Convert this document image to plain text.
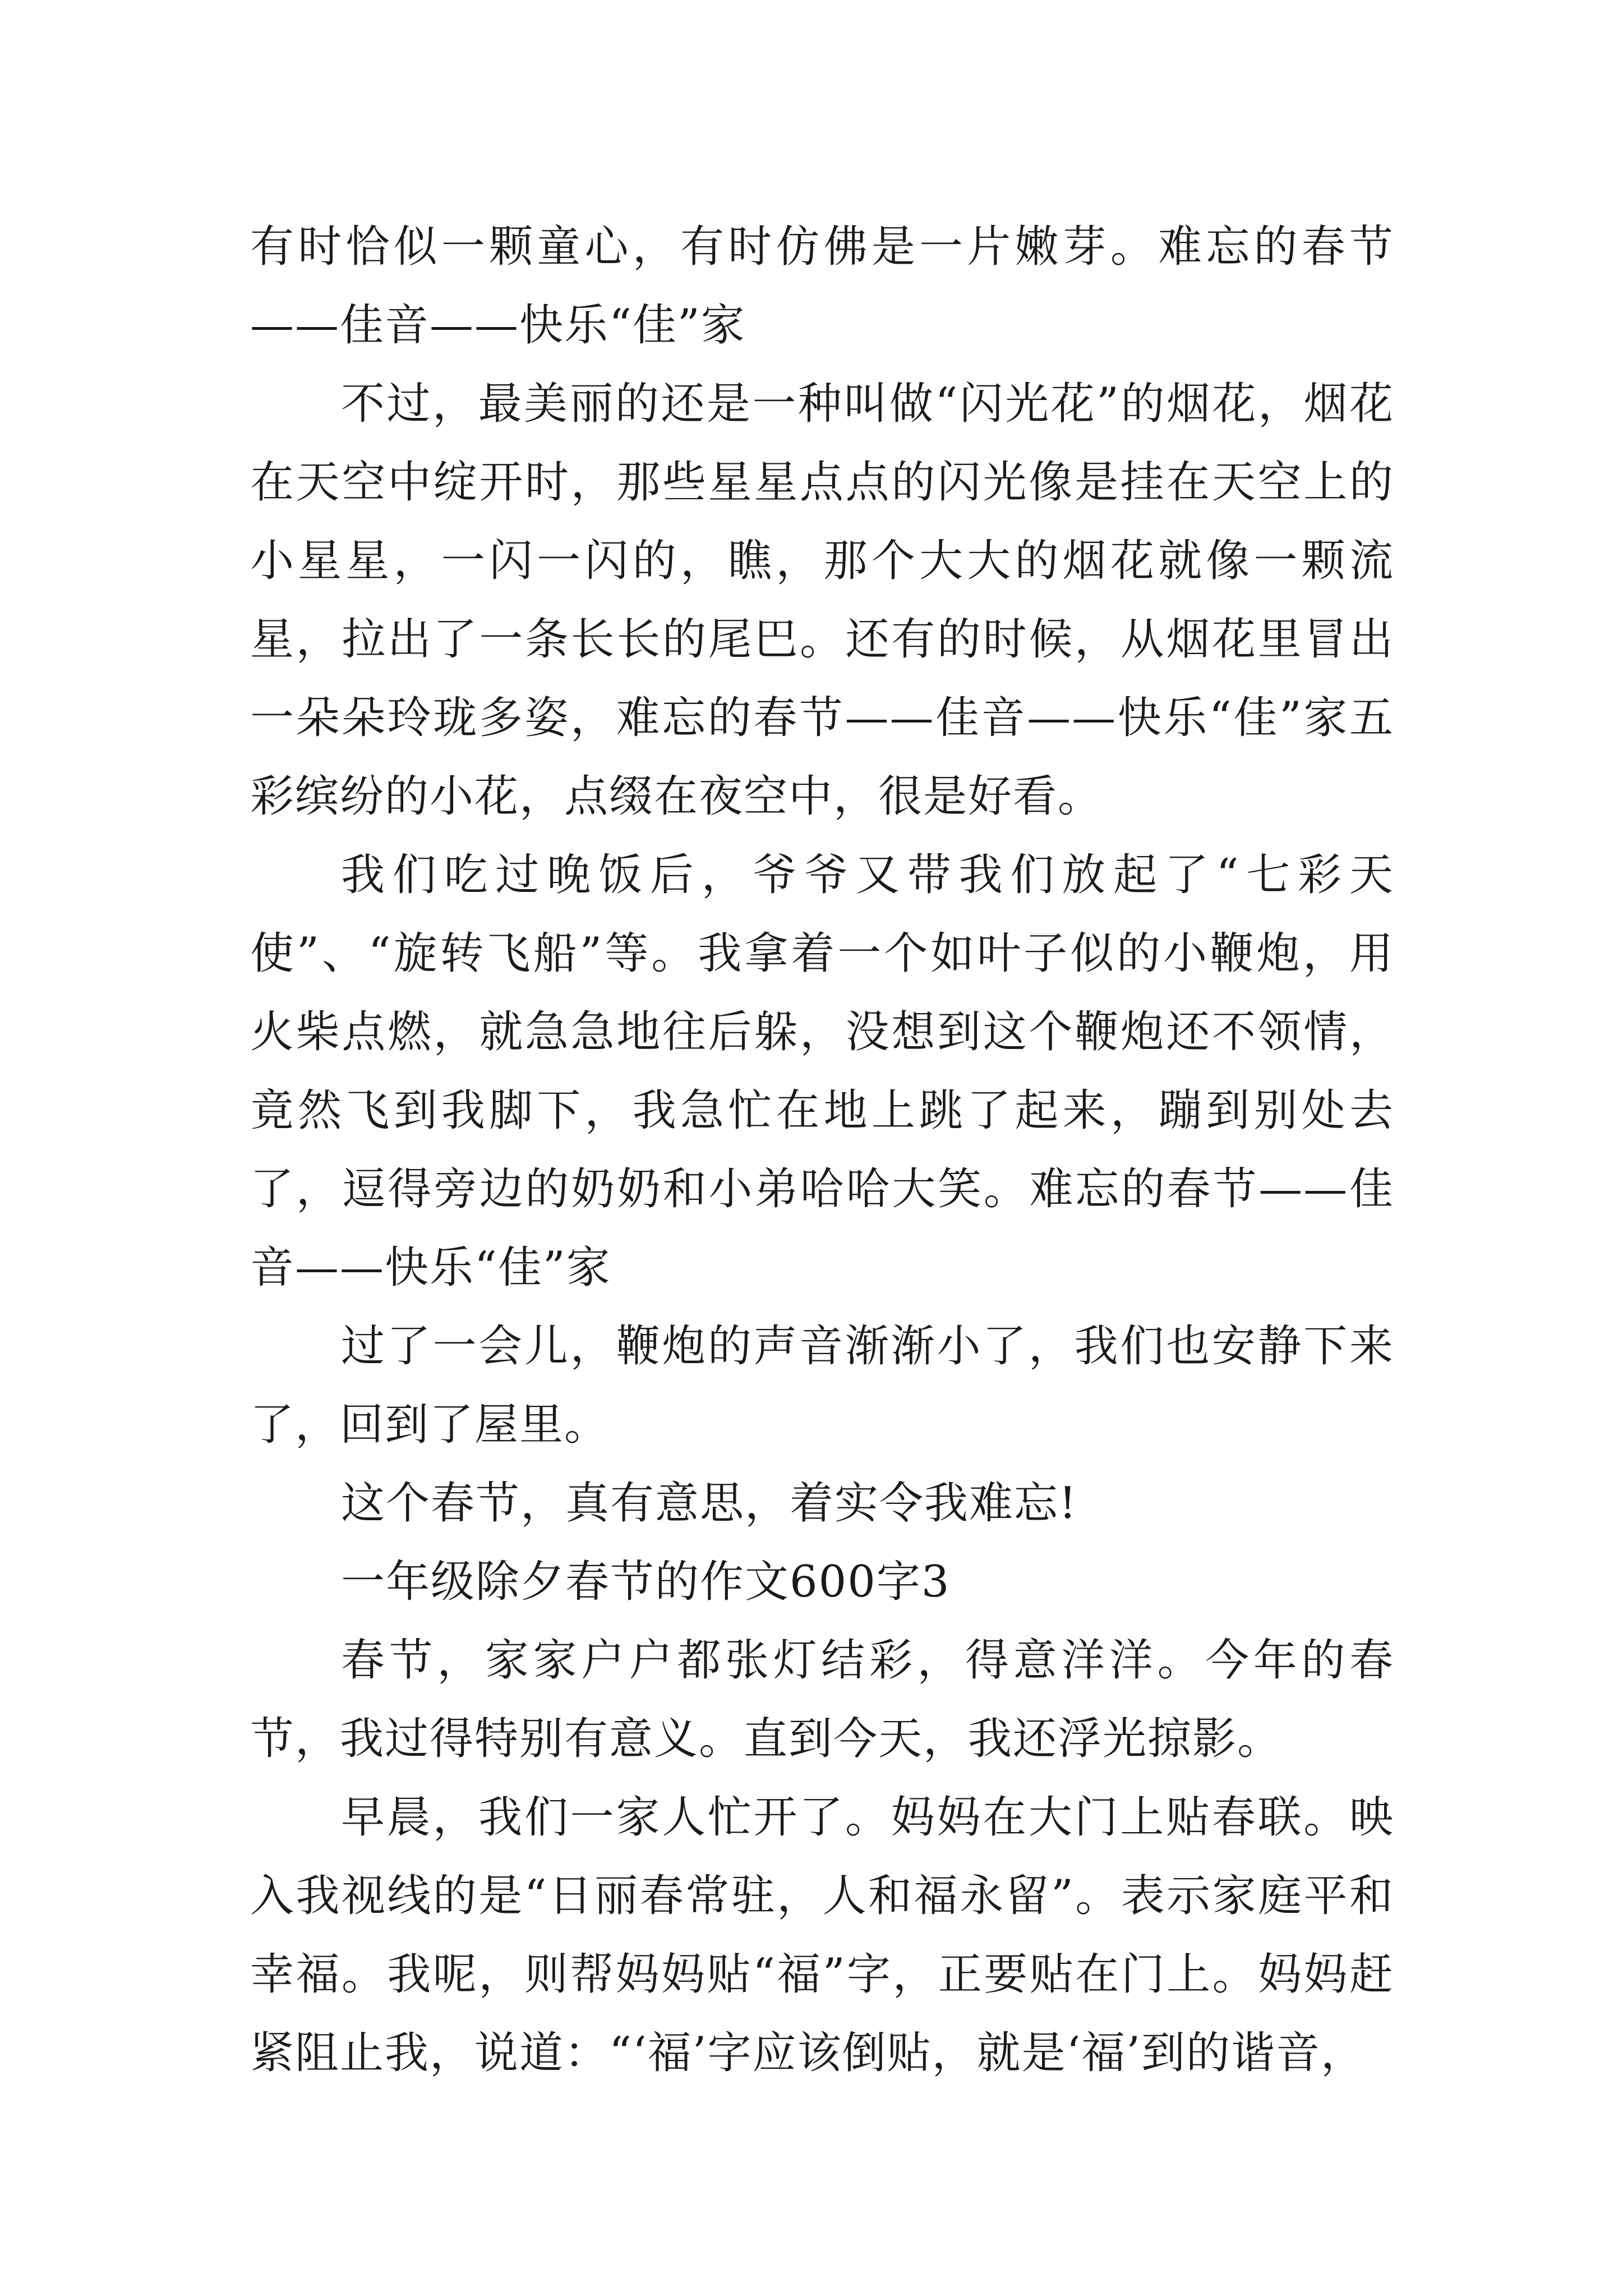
有时恰似一颗童心，有时仿佛是一片嫩芽。难忘的春节——佳音——快乐“佳”家

不过，最美丽的还是一种叫做“闪光花”的烟花，烟花在天空中绽开时，那些星星点点的闪光像是挂在天空上的小星星，一闪一闪的，瞧，那个大大的烟花就像一颗流星，拉出了一条长长的尾巴。还有的时候，从烟花里冒出一朵朵玲珑多姿，难忘的春节——佳音——快乐“佳”家五彩缤纷的小花，点缀在夜空中，很是好看。

我们吃过晚饭后，爷爷又带我们放起了“七彩天使”、“旋转飞船”等。我拿着一个如叶子似的小鞭炮，用火柴点燃，就急急地往后躲，没想到这个鞭炮还不领情，竟然飞到我脚下，我急忙在地上跳了起来，蹦到别处去了，逗得旁边的奶奶和小弟哈哈大笑。难忘的春节——佳音——快乐“佳”家

过了一会儿，鞭炮的声音渐渐小了，我们也安静下来了，回到了屋里。

这个春节，真有意思，着实令我难忘!

一年级除夕春节的作文600字3

春节，家家户户都张灯结彩，得意洋洋。今年的春节，我过得特别有意义。直到今天，我还浮光掠影。

早晨，我们一家人忙开了。妈妈在大门上贴春联。映入我视线的是“日丽春常驻，人和福永留”。表示家庭平和幸福。我呢，则帮妈妈贴“福”字，正要贴在门上。妈妈赶紧阻止我，说道：“‘福’字应该倒贴，就是‘福’到的谐音，
